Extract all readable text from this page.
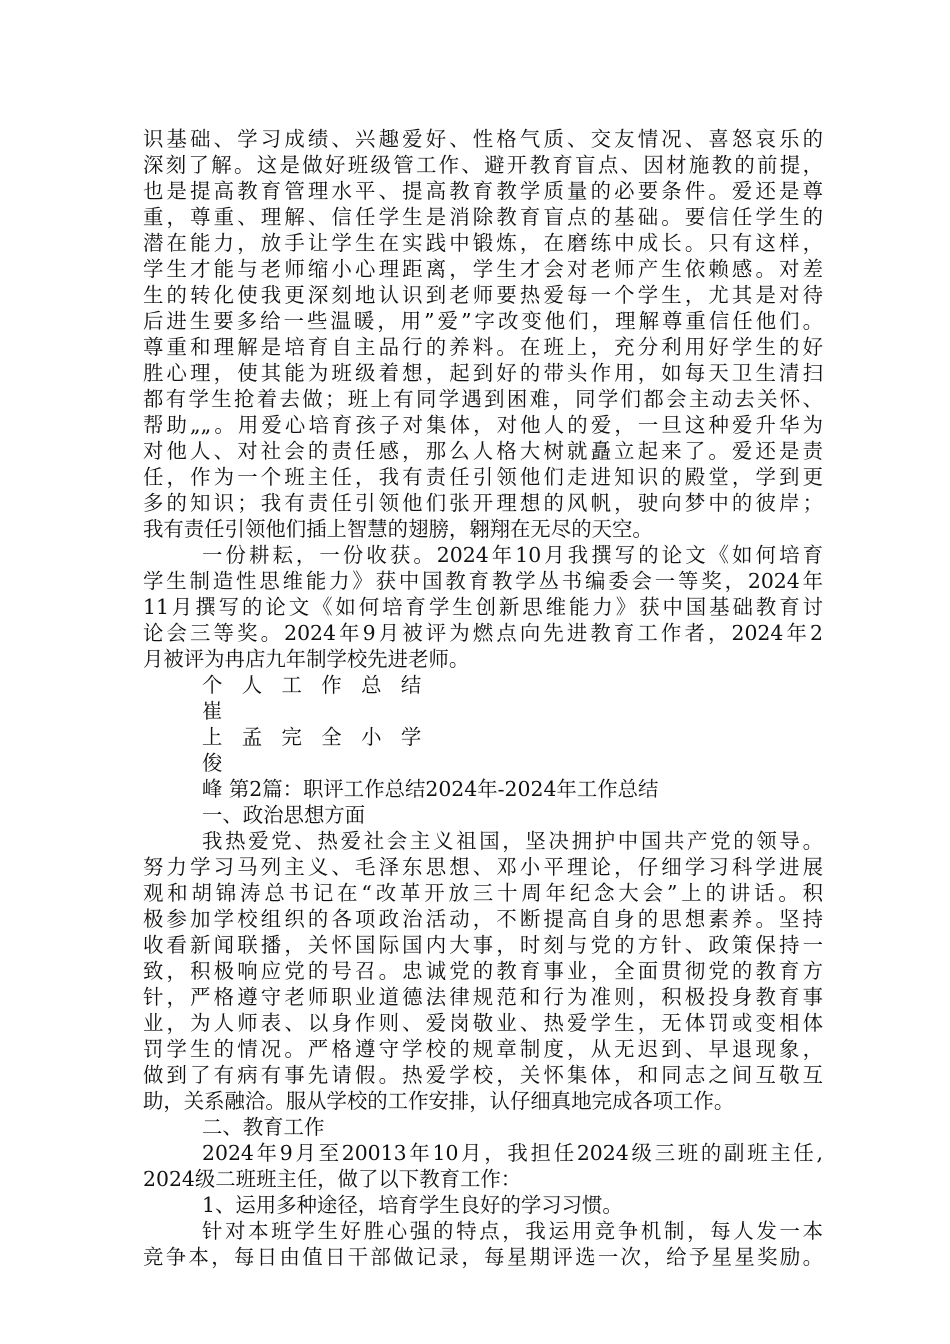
识基础、学习成绩、兴趣爱好、性格气质、交友情况、喜怒哀乐的
深刻了解。这是做好班级管工作、避开教育盲点、因材施教的前提，
也是提高教育管理水平、提高教育教学质量的必要条件。爱还是尊
重，尊重、理解、信任学生是消除教育盲点的基础。要信任学生的
潜在能力，放手让学生在实践中锻炼，在磨练中成长。只有这样，
学生才能与老师缩小心理距离，学生才会对老师产生依赖感。对差
生的转化使我更深刻地认识到老师要热爱每一个学生，尤其是对待
后进生要多给一些温暖，用”爱”字改变他们，理解尊重信任他们。
尊重和理解是培育自主品行的养料。在班上，充分利用好学生的好
胜心理，使其能为班级着想，起到好的带头作用，如每天卫生清扫
都有学生抢着去做；班上有同学遇到困难，同学们都会主动去关怀、
帮助„„。用爱心培育孩子对集体，对他人的爱，一旦这种爱升华为
对他人、对社会的责任感，那么人格大树就矗立起来了。爱还是责
任，作为一个班主任，我有责任引领他们走进知识的殿堂，学到更
多的知识；我有责任引领他们张开理想的风帆，驶向梦中的彼岸；
我有责任引领他们插上智慧的翅膀，翱翔在无尽的天空。
一份耕耘，一份收获。2024年10月我撰写的论文《如何培育
学生制造性思维能力》获中国教育教学丛书编委会一等奖，2024年
11月撰写的论文《如何培育学生创新思维能力》获中国基础教育讨
论会三等奖。2024年9月被评为燃点向先进教育工作者，2024年2
月被评为冉店九年制学校先进老师。
个人工作总结
崔
上孟完全小学
俊
峰 第2篇：职评工作总结2024年-2024年工作总结
一、政治思想方面
我热爱党、热爱社会主义祖国，坚决拥护中国共产党的领导。
努力学习马列主义、毛泽东思想、邓小平理论，仔细学习科学进展
观和胡锦涛总书记在“改革开放三十周年纪念大会”上的讲话。积
极参加学校组织的各项政治活动，不断提高自身的思想素养。坚持
收看新闻联播，关怀国际国内大事，时刻与党的方针、政策保持一
致，积极响应党的号召。忠诚党的教育事业，全面贯彻党的教育方
针，严格遵守老师职业道德法律规范和行为准则，积极投身教育事
业，为人师表、以身作则、爱岗敬业、热爱学生，无体罚或变相体
罚学生的情况。严格遵守学校的规章制度，从无迟到、早退现象，
做到了有病有事先请假。热爱学校，关怀集体，和同志之间互敬互
助，关系融洽。服从学校的工作安排，认仔细真地完成各项工作。
二、教育工作
2024年9月至20013年10月，我担任2024级三班的副班主任,
2024级二班班主任，做了以下教育工作：
1、运用多种途径，培育学生良好的学习习惯。
针对本班学生好胜心强的特点，我运用竞争机制，每人发一本
竞争本，每日由值日干部做记录，每星期评选一次，给予星星奖励。
